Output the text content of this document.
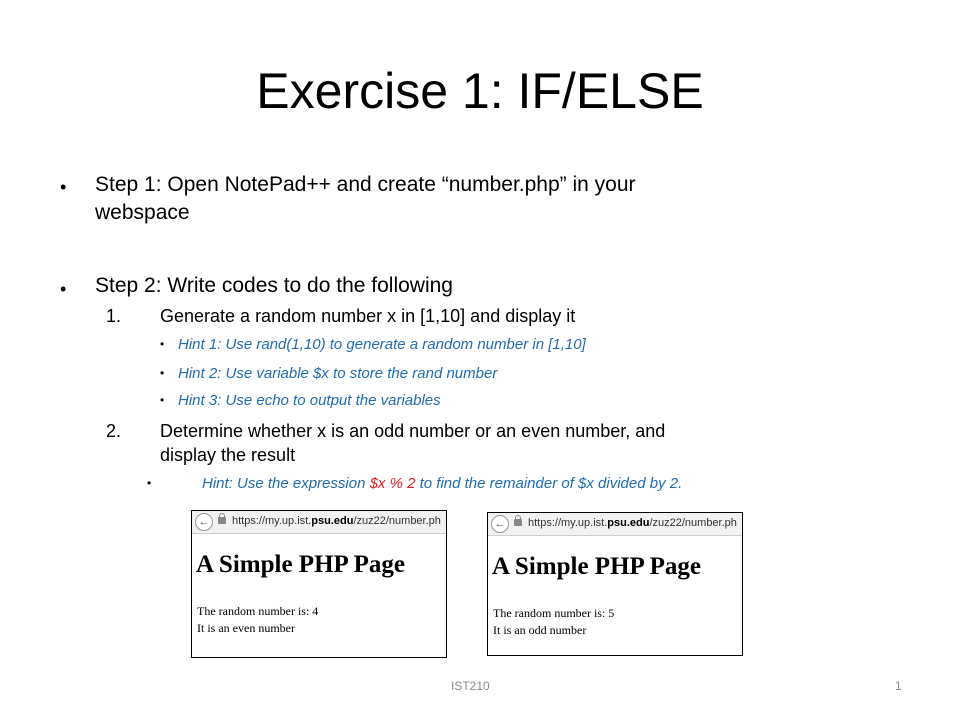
Exercise 1: IF/ELSE
• Step 1: Open NotePad++ and create “number.php” in your
webspace
• Step 2: Write codes to do the following
1. Generate a random number x in [1,10] and display it
• Hint 1: Use rand(1,10) to generate a random number in [1,10]
• Hint 2: Use variable $x to store the rand number
• Hint 3: Use echo to output the variables
2. Determine whether x is an odd number or an even number, and
display the result
•	Hint: Use the expression $x % 2 to find the remainder of $x divided by 2.
←	https://my.up.ist.psu.edu/zuz22/number.ph
A Simple PHP Page
The random number is: 4
It is an even number
←	https://my.up.ist.psu.edu/zuz22/number.ph
A Simple PHP Page
The random number is: 5
It is an odd number
IST210	1
